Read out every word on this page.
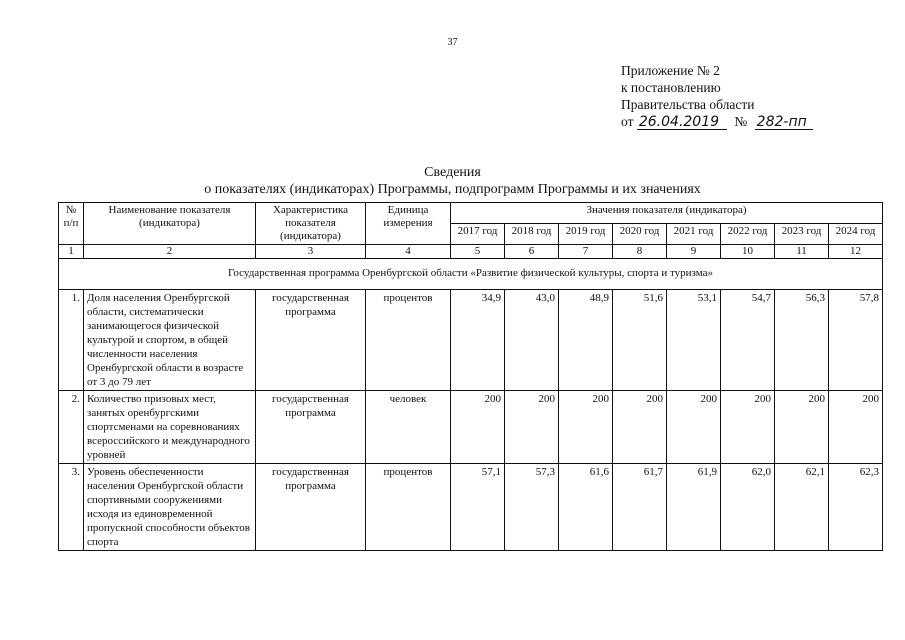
37
Приложение № 2
к постановлению
Правительства области
от 26.04.2019 № 282-пп
Сведения
о показателях (индикаторах) Программы, подпрограмм Программы и их значениях
№ п/п	Наименование показателя (индикатора)	Характеристика показателя (индикатора)	Единица измерения	Значения показателя (индикатора)							
				2017 год	2018 год	2019 год	2020 год	2021 год	2022 год	2023 год	2024 год
1	2	3	4	5	6	7	8	9	10	11	12
Государственная программа Оренбургской области «Развитие физической культуры, спорта и туризма»											
1.	Доля населения Оренбургской области, систематически занимающегося физической культурой и спортом, в общей численности населения Оренбургской области в возрасте от 3 до 79 лет	государственная программа	процентов	34,9	43,0	48,9	51,6	53,1	54,7	56,3	57,8
2.	Количество призовых мест, занятых оренбургскими спортсменами на соревнованиях всероссийского и международного уровней	государственная программа	человек	200	200	200	200	200	200	200	200
3.	Уровень обеспеченности населения Оренбургской области спортивными сооружениями исходя из единовременной пропускной способности объектов спорта	государственная программа	процентов	57,1	57,3	61,6	61,7	61,9	62,0	62,1	62,3
